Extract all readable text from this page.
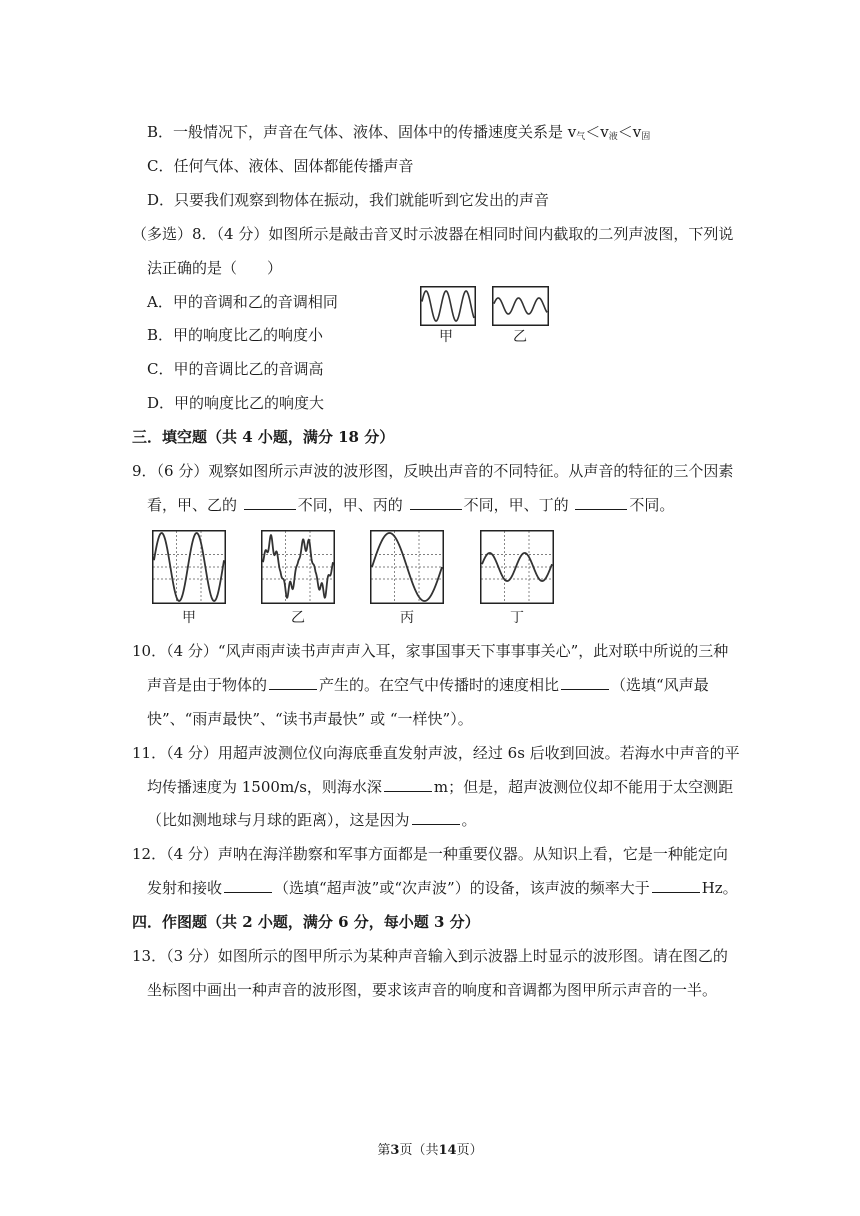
B．一般情况下，声音在气体、液体、固体中的传播速度关系是 $v_气<v_液<v_固$
C．任何气体、液体、固体都能传播声音
D．只要我们观察到物体在振动，我们就能听到它发出的声音
（多选）8．（4 分）如图所示是敲击音叉时示波器在相同时间内截取的二列声波图，下列说
法正确的是（　　）
A．甲的音调和乙的音调相同
B．甲的响度比乙的响度小
C．甲的音调比乙的音调高
D．甲的响度比乙的响度大
甲	乙
三．填空题（共 4 小题，满分 18 分）
9．（6 分）观察如图所示声波的波形图，反映出声音的不同特征。从声音的特征的三个因素
看，甲、乙的	不同，甲、丙的	不同，甲、丁的	不同。
甲	乙	丙	丁
10．（4 分）“风声雨声读书声声声入耳，家事国事天下事事事关心”，此对联中所说的三种
声音是由于物体的	产生的。在空气中传播时的速度相比	（选填“风声最
快”、“雨声最快”、“读书声最快” 或 “一样快”）。
11．（4 分）用超声波测位仪向海底垂直发射声波，经过 6s 后收到回波。若海水中声音的平
均传播速度为 1500m/s，则海水深	m；但是，超声波测位仪却不能用于太空测距
（比如测地球与月球的距离），这是因为	。
12．（4 分）声呐在海洋勘察和军事方面都是一种重要仪器。从知识上看，它是一种能定向
发射和接收	（选填“超声波”或“次声波”）的设备，该声波的频率大于	Hz。
四．作图题（共 2 小题，满分 6 分，每小题 3 分）
13．（3 分）如图所示的图甲所示为某种声音输入到示波器上时显示的波形图。请在图乙的
坐标图中画出一种声音的波形图，要求该声音的响度和音调都为图甲所示声音的一半。
第3页（共14页）
